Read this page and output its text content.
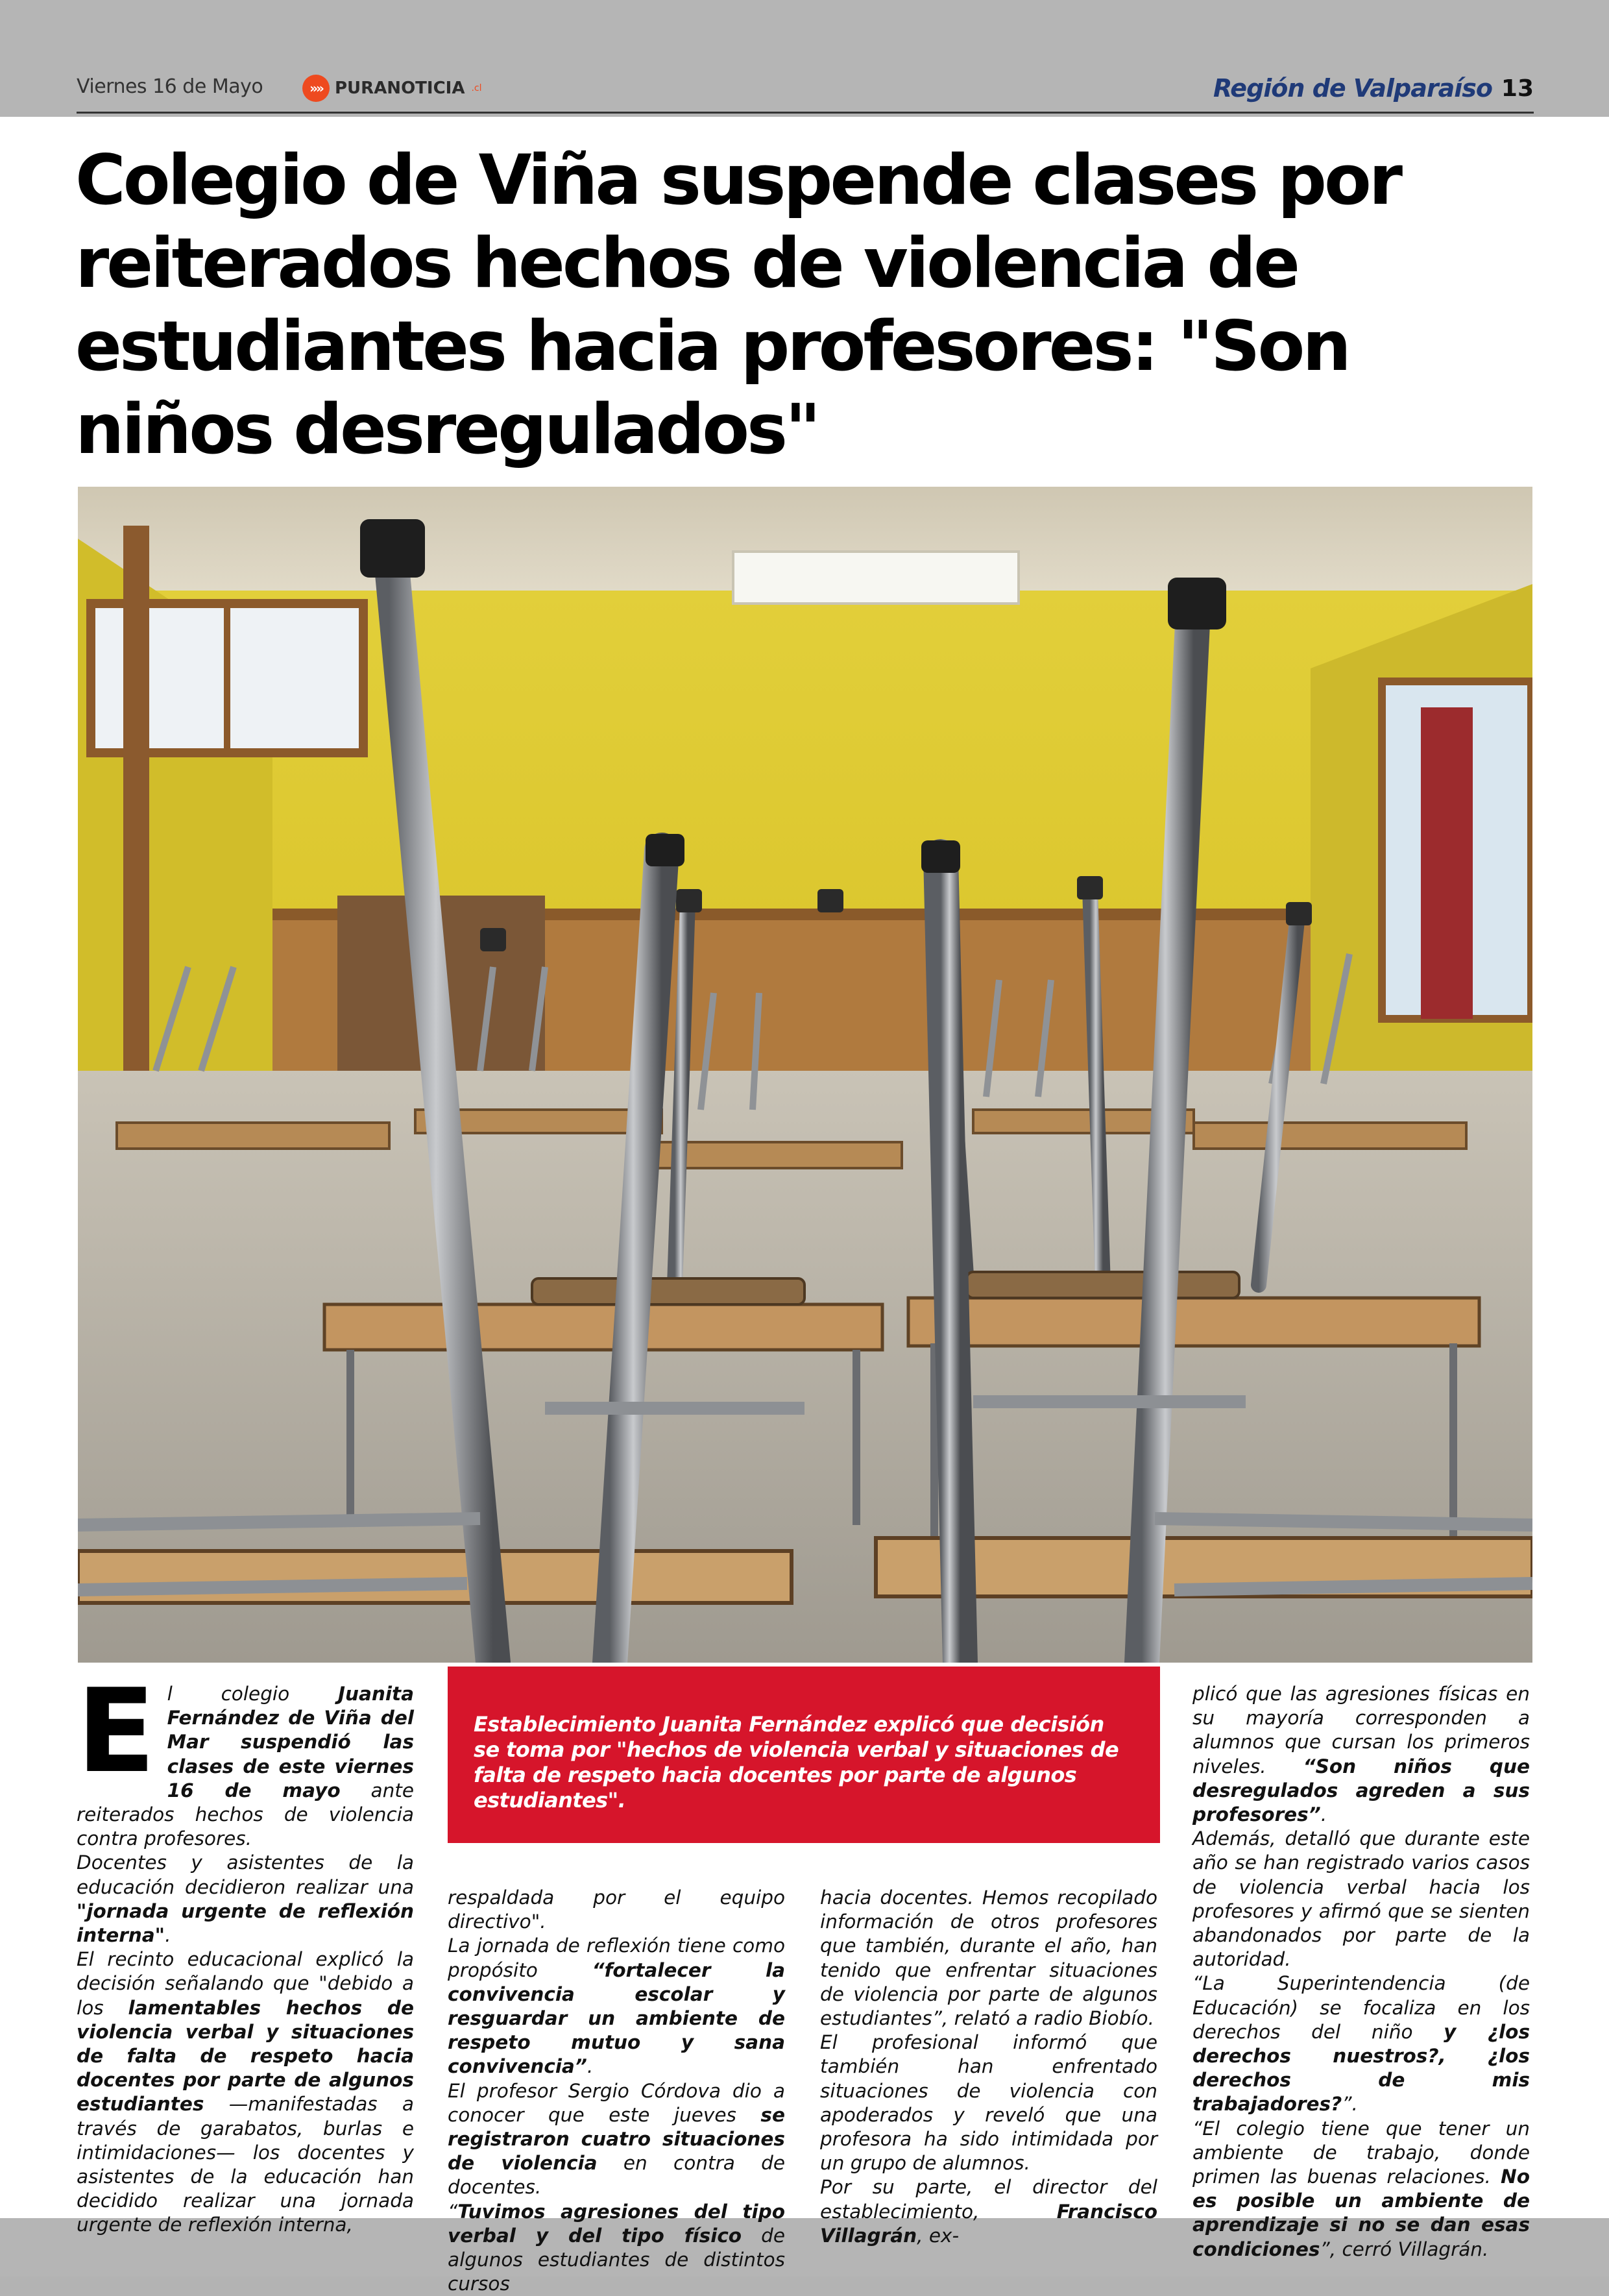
Viernes 16 de Mayo	»» PURANOTICIA .cl	Región de Valparaíso 13
Colegio de Viña suspende clases por
reiterados hechos de violencia de
estudiantes hacia profesores: "Son
niños desregulados"
Establecimiento Juanita Fernández explicó que decisión se toma por "hechos de violencia verbal y situaciones de falta de respeto hacia docentes por parte de algunos estudiantes".
E l colegio Juanita Fernández de Viña del Mar suspendió las clases de este viernes 16 de mayo ante reiterados hechos de violencia contra profesores.

Docentes y asistentes de la educación decidieron realizar una "jornada urgente de reflexión interna".

El recinto educacional explicó la decisión señalando que "debido a los lamentables hechos de violencia verbal y situaciones de falta de respeto hacia docentes por parte de algunos estudiantes —manifestadas a través de garabatos, burlas e intimidaciones— los docentes y asistentes de la educación han decidido realizar una jornada urgente de reflexión interna,

respaldada por el equipo directivo".

La jornada de reflexión tiene como propósito “fortalecer la convivencia escolar y resguardar un ambiente de respeto mutuo y sana convivencia”.

El profesor Sergio Córdova dio a conocer que este jueves se registraron cuatro situaciones de violencia en contra de docentes.

“Tuvimos agresiones del tipo verbal y del tipo físico de algunos estudiantes de distintos cursos

hacia docentes. Hemos recopilado información de otros profesores que también, durante el año, han tenido que enfrentar situaciones de violencia por parte de algunos estudiantes”, relató a radio Biobío.

El profesional informó que también han enfrentado situaciones de violencia con apoderados y reveló que una profesora ha sido intimidada por un grupo de alumnos.

Por su parte, el director del establecimiento, Francisco Villagrán, ex-

plicó que las agresiones físicas en su mayoría corresponden a alumnos que cursan los primeros niveles. “Son niños que desregulados agreden a sus profesores”.

Además, detalló que durante este año se han registrado varios casos de violencia verbal hacia los profesores y afirmó que se sienten abandonados por parte de la autoridad.

“La Superintendencia (de Educación) se focaliza en los derechos del niño y ¿los derechos nuestros?, ¿los derechos de mis trabajadores?”.

“El colegio tiene que tener un ambiente de trabajo, donde primen las buenas relaciones. No es posible un ambiente de aprendizaje si no se dan esas condiciones”, cerró Villagrán.
